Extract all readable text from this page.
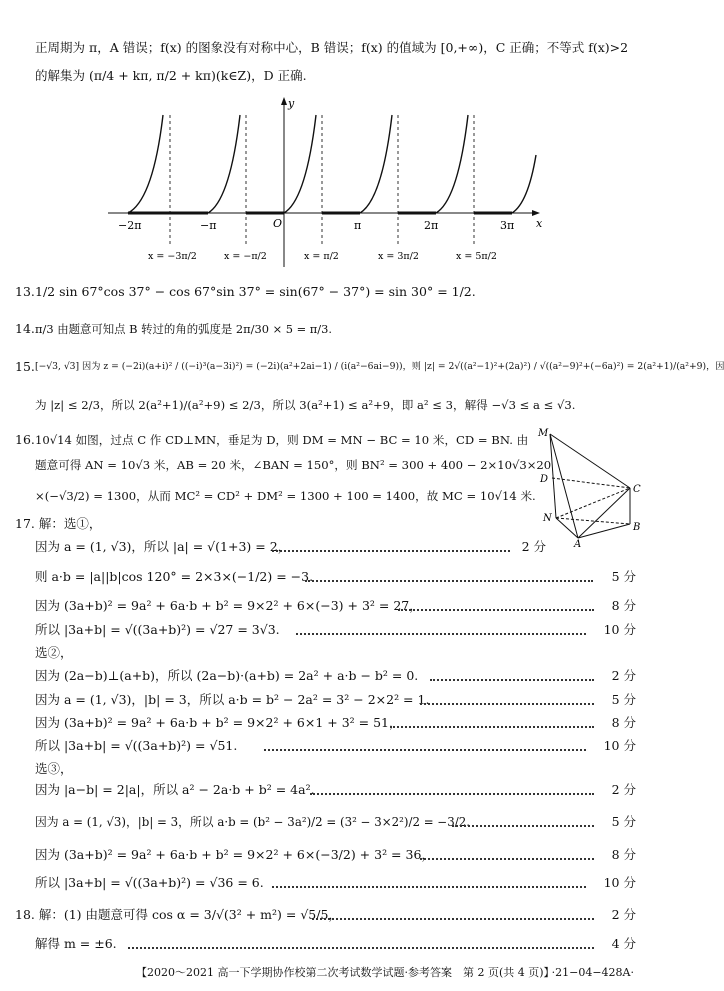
正周期为 π，A 错误；f(x) 的图象没有对称中心，B 错误；f(x) 的值域为 [0,+∞)，C 正确；不等式 f(x)>2
的解集为 (π/4 + kπ, π/2 + kπ)(k∈Z)，D 正确.
x
y
O
−2π	−π	π	2π	3π
x = −3π/2	x = −π/2	x = π/2	x = 3π/2	x = 5π/2
13. 1/2 sin 67°cos 37° − cos 67°sin 37° = sin(67° − 37°) = sin 30° = 1/2.
14. π/3 由题意可知点 B 转过的角的弧度是 2π/30 × 5 = π/3.
15. [−√3, √3] 因为 z = (−2i)(a+i)² / ((−i)³(a−3i)²) = (−2i)(a²+2ai−1) / (i(a²−6ai−9))，则 |z| = 2√((a²−1)²+(2a)²) / √((a²−9)²+(−6a)²) = 2(a²+1)/(a²+9)，因
为 |z| ≤ 2/3，所以 2(a²+1)/(a²+9) ≤ 2/3，所以 3(a²+1) ≤ a²+9，即 a² ≤ 3，解得 −√3 ≤ a ≤ √3.
16. 10√14 如图，过点 C 作 CD⊥MN，垂足为 D，则 DM = MN − BC = 10 米，CD = BN. 由
题意可得 AN = 10√3 米，AB = 20 米，∠BAN = 150°，则 BN² = 300 + 400 − 2×10√3×20
×(−√3/2) = 1300，从而 MC² = CD² + DM² = 1300 + 100 = 1400，故 MC = 10√14 米.
M
D
C
N
B
A
17. 解：选①，
因为 a = (1, √3)，所以 |a| = √(1+3) = 2，	2 分
则 a·b = |a||b|cos 120° = 2×3×(−1/2) = −3.	5 分
因为 (3a+b)² = 9a² + 6a·b + b² = 9×2² + 6×(−3) + 3² = 27，	8 分
所以 |3a+b| = √((3a+b)²) = √27 = 3√3.	10 分
选②，
因为 (2a−b)⊥(a+b)，所以 (2a−b)·(a+b) = 2a² + a·b − b² = 0.	2 分
因为 a = (1, √3)，|b| = 3，所以 a·b = b² − 2a² = 3² − 2×2² = 1.	5 分
因为 (3a+b)² = 9a² + 6a·b + b² = 9×2² + 6×1 + 3² = 51，	8 分
所以 |3a+b| = √((3a+b)²) = √51.	10 分
选③，
因为 |a−b| = 2|a|，所以 a² − 2a·b + b² = 4a².	2 分
因为 a = (1, √3)，|b| = 3，所以 a·b = (b² − 3a²)/2 = (3² − 3×2²)/2 = −3/2.	5 分
因为 (3a+b)² = 9a² + 6a·b + b² = 9×2² + 6×(−3/2) + 3² = 36，	8 分
所以 |3a+b| = √((3a+b)²) = √36 = 6.	10 分
18. 解：(1) 由题意可得 cos α = 3/√(3² + m²) = √5/5，	2 分
解得 m = ±6.	4 分
【2020～2021 高一下学期协作校第二次考试数学试题·参考答案　第 2 页(共 4 页)】
·21−04−428A·
